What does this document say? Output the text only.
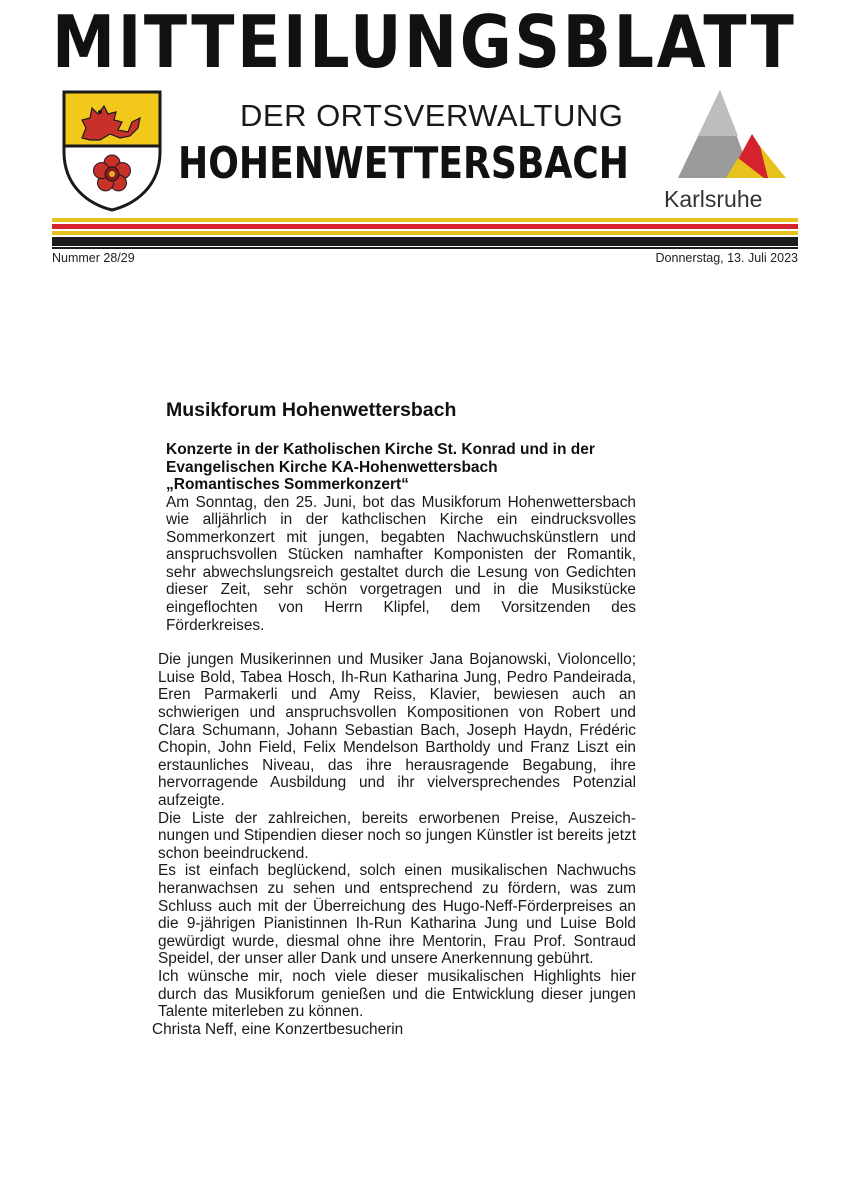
MITTEILUNGSBLATT
DER ORTSVERWALTUNG
HOHENWETTERSBACH
Karlsruhe
Nummer 28/29	Donnerstag, 13. Juli 2023
Musikforum Hohenwettersbach
Konzerte in der Katholischen Kirche St. Konrad und in der
Evangelischen Kirche KA-Hohenwettersbach
„Romantisches Sommerkonzert“

Am Sonntag, den 25. Juni, bot das Musikforum Hohenwettersbach wie alljährlich in der kathclischen Kirche ein eindrucksvolles Sommerkonzert mit jungen, begabten Nachwuchskünstlern und anspruchsvollen Stücken namhafter Komponisten der Romantik, sehr abwechslungsreich gestaltet durch die Lesung von Gedichten dieser Zeit, sehr schön vorgetragen und in die Musikstücke eingeflochten von Herrn Klipfel, dem Vorsitzenden des Förderkreises.

Die jungen Musikerinnen und Musiker Jana Bojanowski, Violoncello; Luise Bold, Tabea Hosch, Ih-Run Katharina Jung, Pedro Pandeirada, Eren Parmakerli und Amy Reiss, Klavier, bewiesen auch an schwierigen und anspruchsvollen Kompositionen von Robert und Clara Schumann, Johann Sebastian Bach, Joseph Haydn, Frédéric Chopin, John Field, Felix Mendelson Bartholdy und Franz Liszt ein erstaunliches Niveau, das ihre herausragende Begabung, ihre hervorragende Ausbildung und ihr vielversprechendes Potenzial aufzeigte.

Die Liste der zahlreichen, bereits erworbenen Preise, Auszeichnungen und Stipendien dieser noch so jungen Künstler ist bereits jetzt schon beeindruckend.

Es ist einfach beglückend, solch einen musikalischen Nachwuchs heranwachsen zu sehen und entsprechend zu fördern, was zum Schluss auch mit der Überreichung des Hugo-Neff-Förderpreises an die 9-jährigen Pianistinnen Ih-Run Katharina Jung und Luise Bold gewürdigt wurde, diesmal ohne ihre Mentorin, Frau Prof. Sontraud Speidel, der unser aller Dank und unsere Anerkennung gebührt.

Ich wünsche mir, noch viele dieser musikalischen Highlights hier durch das Musikforum genießen und die Entwicklung dieser jungen Talente miterleben zu können.

Christa Neff, eine Konzertbesucherin
